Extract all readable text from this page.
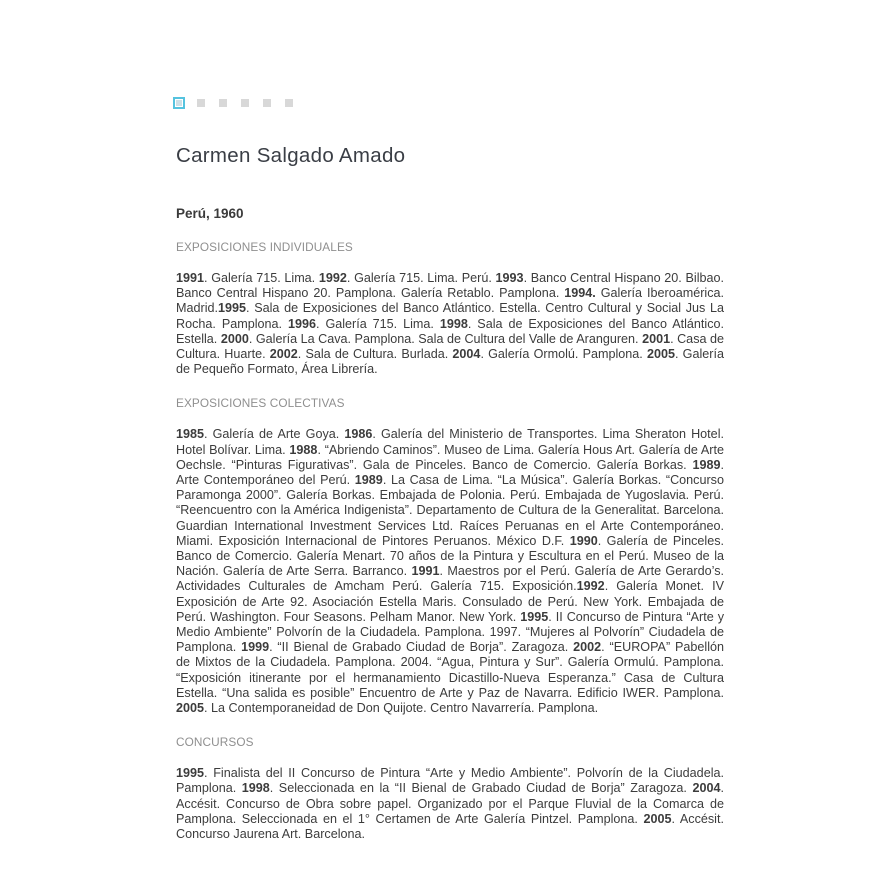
Carmen Salgado Amado
Perú, 1960
EXPOSICIONES INDIVIDUALES

1991. Galería 715. Lima. 1992. Galería 715. Lima. Perú. 1993. Banco Central Hispano 20. Bilbao. Banco Central Hispano 20. Pamplona. Galería Retablo. Pamplona. 1994. Galería Iberoamérica. Madrid.1995. Sala de Exposiciones del Banco Atlántico. Estella. Centro Cultural y Social Jus La Rocha. Pamplona. 1996. Galería 715. Lima. 1998. Sala de Exposiciones del Banco Atlántico. Estella. 2000. Galería La Cava. Pamplona. Sala de Cultura del Valle de Aranguren. 2001. Casa de Cultura. Huarte. 2002. Sala de Cultura. Burlada. 2004. Galería Ormolú. Pamplona. 2005. Galería de Pequeño Formato, Área Librería.

EXPOSICIONES COLECTIVAS

1985. Galería de Arte Goya. 1986. Galería del Ministerio de Transportes. Lima Sheraton Hotel. Hotel Bolívar. Lima. 1988. “Abriendo Caminos”. Museo de Lima. Galería Hous Art. Galería de Arte Oechsle. “Pinturas Figurativas”. Gala de Pinceles. Banco de Comercio. Galería Borkas. 1989. Arte Contemporáneo del Perú. 1989. La Casa de Lima. “La Música”. Galería Borkas. “Concurso Paramonga 2000”. Galería Borkas. Embajada de Polonia. Perú. Embajada de Yugoslavia. Perú. “Reencuentro con la América Indigenista”. Departamento de Cultura de la Generalitat. Barcelona. Guardian International Investment Services Ltd. Raíces Peruanas en el Arte Contemporáneo. Miami. Exposición Internacional de Pintores Peruanos. México D.F. 1990. Galería de Pinceles. Banco de Comercio. Galería Menart. 70 años de la Pintura y Escultura en el Perú. Museo de la Nación. Galería de Arte Serra. Barranco. 1991. Maestros por el Perú. Galería de Arte Gerardo’s. Actividades Culturales de Amcham Perú. Galería 715. Exposición.1992. Galería Monet. IV Exposición de Arte 92. Asociación Estella Maris. Consulado de Perú. New York. Embajada de Perú. Washington. Four Seasons. Pelham Manor. New York. 1995. II Concurso de Pintura “Arte y Medio Ambiente” Polvorín de la Ciudadela. Pamplona. 1997. “Mujeres al Polvorín” Ciudadela de Pamplona. 1999. “II Bienal de Grabado Ciudad de Borja”. Zaragoza. 2002. “EUROPA” Pabellón de Mixtos de la Ciudadela. Pamplona. 2004. “Agua, Pintura y Sur”. Galería Ormulú. Pamplona. “Exposición itinerante por el hermanamiento Dicastillo-Nueva Esperanza.” Casa de Cultura Estella. “Una salida es posible” Encuentro de Arte y Paz de Navarra. Edificio IWER. Pamplona. 2005. La Contemporaneidad de Don Quijote. Centro Navarrería. Pamplona.

CONCURSOS

1995. Finalista del II Concurso de Pintura “Arte y Medio Ambiente”. Polvorín de la Ciudadela. Pamplona. 1998. Seleccionada en la “II Bienal de Grabado Ciudad de Borja” Zaragoza. 2004. Accésit. Concurso de Obra sobre papel. Organizado por el Parque Fluvial de la Comarca de Pamplona. Seleccionada en el 1° Certamen de Arte Galería Pintzel. Pamplona. 2005. Accésit. Concurso Jaurena Art. Barcelona.
